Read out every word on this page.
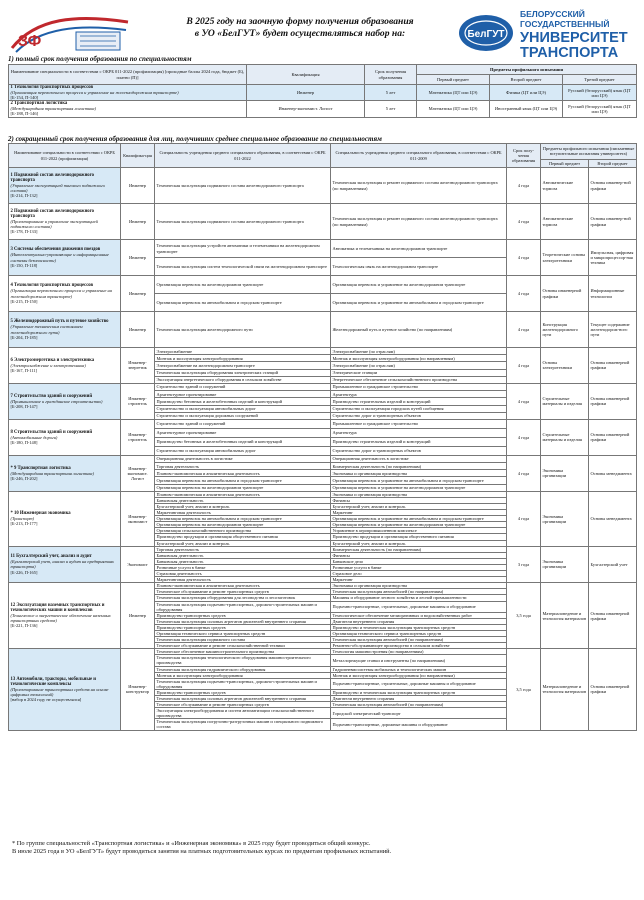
ЗФ
В 2025 году на заочную форму получения образования
в УО «БелГУТ» будет осуществляться набор на:	БелГУТ
БЕЛОРУССКИЙ
ГОСУДАРСТВЕННЫЙ
УНИВЕРСИТЕТ
ТРАНСПОРТА
1) полный срок получения образования по специальностям
Наименование специальности в соответствии с ОКРБ 011-2022 (профилизация) [проходные баллы 2024 года, бюджет (Б), платно (П)]	Квалификация	Срок получения образования	Предметы профильного испытания		
			Первый предмет	Второй предмет	Третий предмет

1 Технология транспортных процессов
(Организация перевозочного процесса и управление на железнодорожном транспорте)
[Б-154, П-140]	Инженер	5 лет	Математика (ЦТ или ЦЭ)	Физика (ЦТ или ЦЭ)	Русский (белорусский) язык (ЦТ или ЦЭ)

2 Транспортная логистика
(Международная транспортная логистика)
[Б-188, П-146]	Инженер-экономист. Логист	5 лет	Математика (ЦТ или ЦЭ)	Иностранный язык (ЦТ или ЦЭ)	Русский (белорусский) язык (ЦТ или ЦЭ)
2) сокращенный срок получения образования для лиц, получивших среднее специальное образование по специальностям
Наименование специальности в соответствии с ОКРБ 011-2022 (профилизация)	Квалифика-ция	Специальность учреждения среднего специального образования, в соответствии с ОКРБ 011-2022	Специальность учреждения среднего специального образования, в соответствии с ОКРБ 011-2009	Срок полу-чения образования	Предметы профильного испытания (письменные вступительные испытания университета)	
					Первый предмет	Второй предмет

1 Подвижной состав железнодорожного транспорта
(Управление эксплуатацией тягового подвижного состава)
[Б-214, П-132]	Инженер	Техническая эксплуатация подвижного состава железнодорожного транспорта	Техническая эксплуатация и ремонт подвижного состава железнодорожного транспорта (по направлениям)	4 года	Автоматические тормоза	Основы инженер-ной графики

2 Подвижной состав железнодорожного транспорта
(Проектирование и управление эксплуатацией подвижного состава)
[Б-178, П-133]	Инженер	Техническая эксплуатация подвижного состава железнодорожного транспорта	Техническая эксплуатация и ремонт подвижного состава железнодорожного транспорта (по направлениям)	4 года	Автоматические тормоза	Основы инженер-ной графики

3 Системы обеспечения движения поездов
(Интеллектуально-управляющие и информационные системы безопасности)
[Б-150, П-118]	Инженер	Техническая эксплуатация устройств автоматики и телемеханики на железнодорожном транспорте	Автоматика и телемеханика на железнодорожном транспорте	4 года	Теоретические основы электротехники	Импульсная, цифровая и микропроцессор-ная техника
		Техническая эксплуатация систем технологической связи на железнодорожном транспорте	Технологическая связь на железнодорожном транспорте			

4 Технология транспортных процессов
(Организация перевозочного процесса и управление на железнодорожном транспорте)
[Б-215, П-150]	Инженер	Организация перевозок на железнодорожном транспорте	Организация перевозок и управление на железнодорожном транспорте	4 года	Основы инженерной графики	Информационные технологии
		Организация перевозок на автомобильном и городском транспорте	Организация перевозок и управление на автомобильном и городском транспорте			

5 Железнодорожный путь и путевое хозяйство
(Управление техническим состоянием железнодорожного пути)
[Б-204, П-185]	Инженер	Техническая эксплуатация железнодорожного пути	Железнодорожный путь и путевое хозяйство (по направлениям)	4 года	Конструкция железнодорожного пути	Текущее содержание железнодорож-ного пути

6 Электроэнергетика и электротехника
(Электроснабжение и электротехника)
[Б-167, П-111]	Инженер-энергетик	Электроснабжение	Электроснабжение (по отраслям)	4 года	Основы электротехники	Основы инженерной графики
		Монтаж и эксплуатация электрооборудования	Монтаж и эксплуатация электрооборудования (по направлениям)			
		Электроснабжение на железнодорожном транспорте	Электроснабжение (по отраслям)			
		Техническая эксплуатация оборудования электрических станций	Электрические станции			
		Эксплуатация энергетического оборудования в сельском хозяйстве	Энергетическое обеспечение сельскохозяйственного производства			

7 Строительство зданий и сооружений
(Промышленное и гражданское строительство)
[Б-208, П-147]	Инженер-строитель	Строительство зданий и сооружений	Промышленное и гражданское строительство	4 года	Строительные материалы и изделия	Основы инженерной графики
		Архитектурное проектирование	Архитектура			
		Производство бетонных и железобетонных изделий и конструкций	Производство строительных изделий и конструкций			
		Строительство и эксплуатация автомобильных дорог	Строительство и эксплуатация городских путей сообщения			
		Строительство и эксплуатация дорожных сооружений	Строительство дорог и транспортных объектов			

8 Строительство зданий и сооружений
(Автомобильные дороги)
[Б-180, П-148]	Инженер-строитель	Строительство зданий и сооружений	Промышленное и гражданское строительство	4 года	Строительные материалы и изделия	Основы инженерной графики
		Архитектурное проектирование	Архитектура			
		Производство бетонных и железобетонных изделий и конструкций	Производство строительных изделий и конструкций			
		Строительство и эксплуатация автомобильных дорог	Строительство дорог и транспортных объектов			

* 9 Транспортная логистика
(Международная транспортная логистика)
[Б-246, П-202]	Инженер-экономист. Логист	Операционная деятельность в логистике	Операционная деятельность в логистике	4 года	Экономика организации	Основы менеджмента
		Торговая деятельность	Коммерческая деятельность (по направлениям)			
		Планово-экономическая и аналитическая деятельность	Экономика и организация производства			
		Организация перевозок на автомобильном и городском транспорте	Организация перевозок и управление на автомобильном и городском транспорте			
		Организация перевозок на железнодорожном транспорте	Организация перевозок и управление на железнодорожном транспорте			

* 10 Инженерная экономика
(Транспорт)
[Б-213, П-177]	Инженер-экономист	Планово-экономическая и аналитическая деятельность	Экономика и организация производства	4 года	Экономика организации	Основы менеджмента
		Банковская деятельность	Финансы			
		Бухгалтерский учет, анализ и контроль	Бухгалтерский учет, анализ и контроль			
		Маркетинговая деятельность	Маркетинг			
		Организация перевозок на автомобильном и городском транспорте	Организация перевозок и управление на автомобильном и городском транспорте			
		Организация перевозок на железнодорожном транспорте	Организация перевозок и управление на железнодорожном транспорте			
		Организация сельскохозяйственного производства	Управление в агропромышленном комплексе			
		Производство продукции и организация общественного питания	Производство продукции и организация общественного питания			
		Бухгалтерский учет, анализ и контроль	Бухгалтерский учет, анализ и контроль			

11 Бухгалтерский учет, анализ и аудит
(Бухгалтерский учет, анализ и аудит на предприятиях транспорта)
[Б-226, П-165]	Экономист	Торговая деятельность	Коммерческая деятельность (по направлениям)	3 года	Экономика организации	Бухгалтерский учет
		Банковская деятельность	Финансы			
		Банковская деятельность	Банковское дело			
		Розничные услуги в банке	Розничные услуги в банке			
		Страховая деятельность	Страховое дело			
		Маркетинговая деятельность	Маркетинг			

12 Эксплуатация наземных транспортных и технологических машин и комплексов
(Техническое и энергетическое обеспечение наземных транспортных средств)
[Б-221, П-136]	Инженер	Планово-экономическая и аналитическая деятельность	Экономика и организация производства	3,5 года	Материаловедение и технология материалов	Основы инженерной графики
		Техническое обслуживание и ремонт транспортных средств	Техническая эксплуатация автомобилей (по направлениям)			
		Техническая эксплуатация оборудования для лесоводства и лесозаготовок	Машины и оборудование лесного хозяйства и лесной промышленности			
		Техническая эксплуатация подъемно-транспортных, дорожно-строительных машин и оборудования	Подъемно-транспортные, строительные, дорожные машины и оборудование			
		Производство транспортных средств	Технологическое обеспечение мелиоративных и водохозяйственных работ			
		Техническая эксплуатация силовых агрегатов двигателей внутреннего сгорания	Двигатели внутреннего сгорания			
		Производство транспортных средств	Производство и техническая эксплуатация транспортных средств			
		Организация технического сервиса транспортных средств	Организация технического сервиса транспортных средств			
		Техническая эксплуатация подвижного состава	Техническая эксплуатация автомобилей (по направлениям)			
		Техническое обслуживание и ремонт сельскохозяйственной техники	Ремонтно-обслуживающее производство в сельском хозяйстве			

13 Автомобили, тракторы, мобильные и технологические комплексы
(Проектирование транспортных средств на основе цифровых технологий)
[набор в 2024 году не осуществлялся]	Инженер-конструктор	Техническое обеспечение машиностроительного производства	Технология машиностроения (по направлениям)	3,5 года	Материаловедение и технология материалов	Основы инженерной графики
		Техническая эксплуатация технологического оборудования машиностроительного производства	Металлорежущие станки и инструменты (по направлениям)			
		Техническая эксплуатация гидравлического оборудования	Гидропневмосистемы мобильных и технологических машин			
		Монтаж и эксплуатация электрооборудования	Монтаж и эксплуатация электрооборудования (по направлениям)			
		Техническая эксплуатация подъемно-транспортных, дорожно-строительных машин и оборудования	Подъемно-транспортные, строительные, дорожные машины и оборудование			
		Производство транспортных средств	Производство и техническая эксплуатация транспортных средств			
		Техническая эксплуатация силовых агрегатов двигателей внутреннего сгорания	Двигатели внутреннего сгорания			
		Техническое обслуживание и ремонт транспортных средств	Техническая эксплуатация автомобилей (по направлениям)			
		Эксплуатация электрооборудования и систем автоматизации сельскохозяйственного производства	Городской электрический транспорт			
		Техническая эксплуатация погрузочно-разгрузочных машин и специального подвижного состава	Подъемно-транспортные, дорожные машины и оборудование			
* По группе специальностей «Транспортная логистика» и «Инженерная экономика» в 2025 году будет проводиться общий конкурс.
В июле 2025 года в УО «БелГУТ» будут проводиться занятия на платных подготовительных курсах по предметам профильных испытаний.
